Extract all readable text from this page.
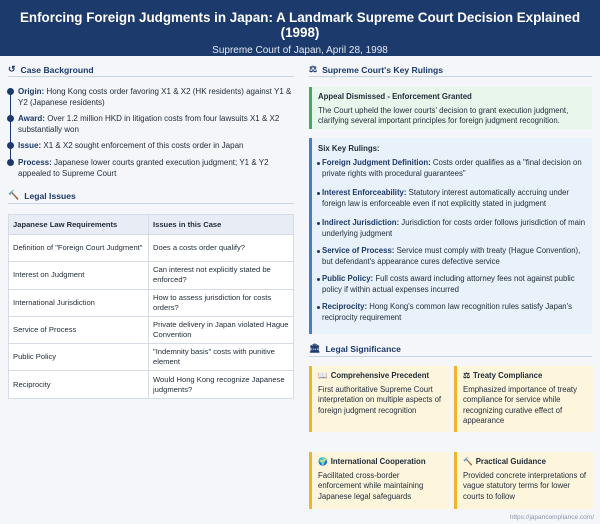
Enforcing Foreign Judgments in Japan: A Landmark Supreme Court Decision Explained (1998)
Supreme Court of Japan, April 28, 1998
↺ Case Background
Origin: Hong Kong costs order favoring X1 & X2 (HK residents) against Y1 & Y2 (Japanese residents)
Award: Over 1.2 million HKD in litigation costs from four lawsuits X1 & X2 substantially won
Issue: X1 & X2 sought enforcement of this costs order in Japan
Process: Japanese lower courts granted execution judgment; Y1 & Y2 appealed to Supreme Court
🔨 Legal Issues
Japanese Law Requirements	Issues in this Case
Definition of "Foreign Court Judgment"	Does a costs order qualify?
Interest on Judgment	Can interest not explicitly stated be enforced?
International Jurisdiction	How to assess jurisdiction for costs orders?
Service of Process	Private delivery in Japan violated Hague Convention
Public Policy	"Indemnity basis" costs with punitive element
Reciprocity	Would Hong Kong recognize Japanese judgments?
⚖ Supreme Court's Key Rulings
Appeal Dismissed - Enforcement Granted
The Court upheld the lower courts' decision to grant execution judgment, clarifying several important principles for foreign judgment recognition.
Six Key Rulings:
Foreign Judgment Definition: Costs order qualifies as a "final decision on private rights with procedural guarantees"
Interest Enforceability: Statutory interest automatically accruing under foreign law is enforceable even if not explicitly stated in judgment
Indirect Jurisdiction: Jurisdiction for costs order follows jurisdiction of main underlying judgment
Service of Process: Service must comply with treaty (Hague Convention), but defendant's appearance cures defective service
Public Policy: Full costs award including attorney fees not against public policy if within actual expenses incurred
Reciprocity: Hong Kong's common law recognition rules satisfy Japan's reciprocity requirement
🏛 Legal Significance
📖 Comprehensive Precedent
First authoritative Supreme Court interpretation on multiple aspects of foreign judgment recognition
⚖ Treaty Compliance
Emphasized importance of treaty compliance for service while recognizing curative effect of appearance
🌍 International Cooperation
Facilitated cross-border enforcement while maintaining Japanese legal safeguards
🔨 Practical Guidance
Provided concrete interpretations of vague statutory terms for lower courts to follow
https://japancompliance.com/
